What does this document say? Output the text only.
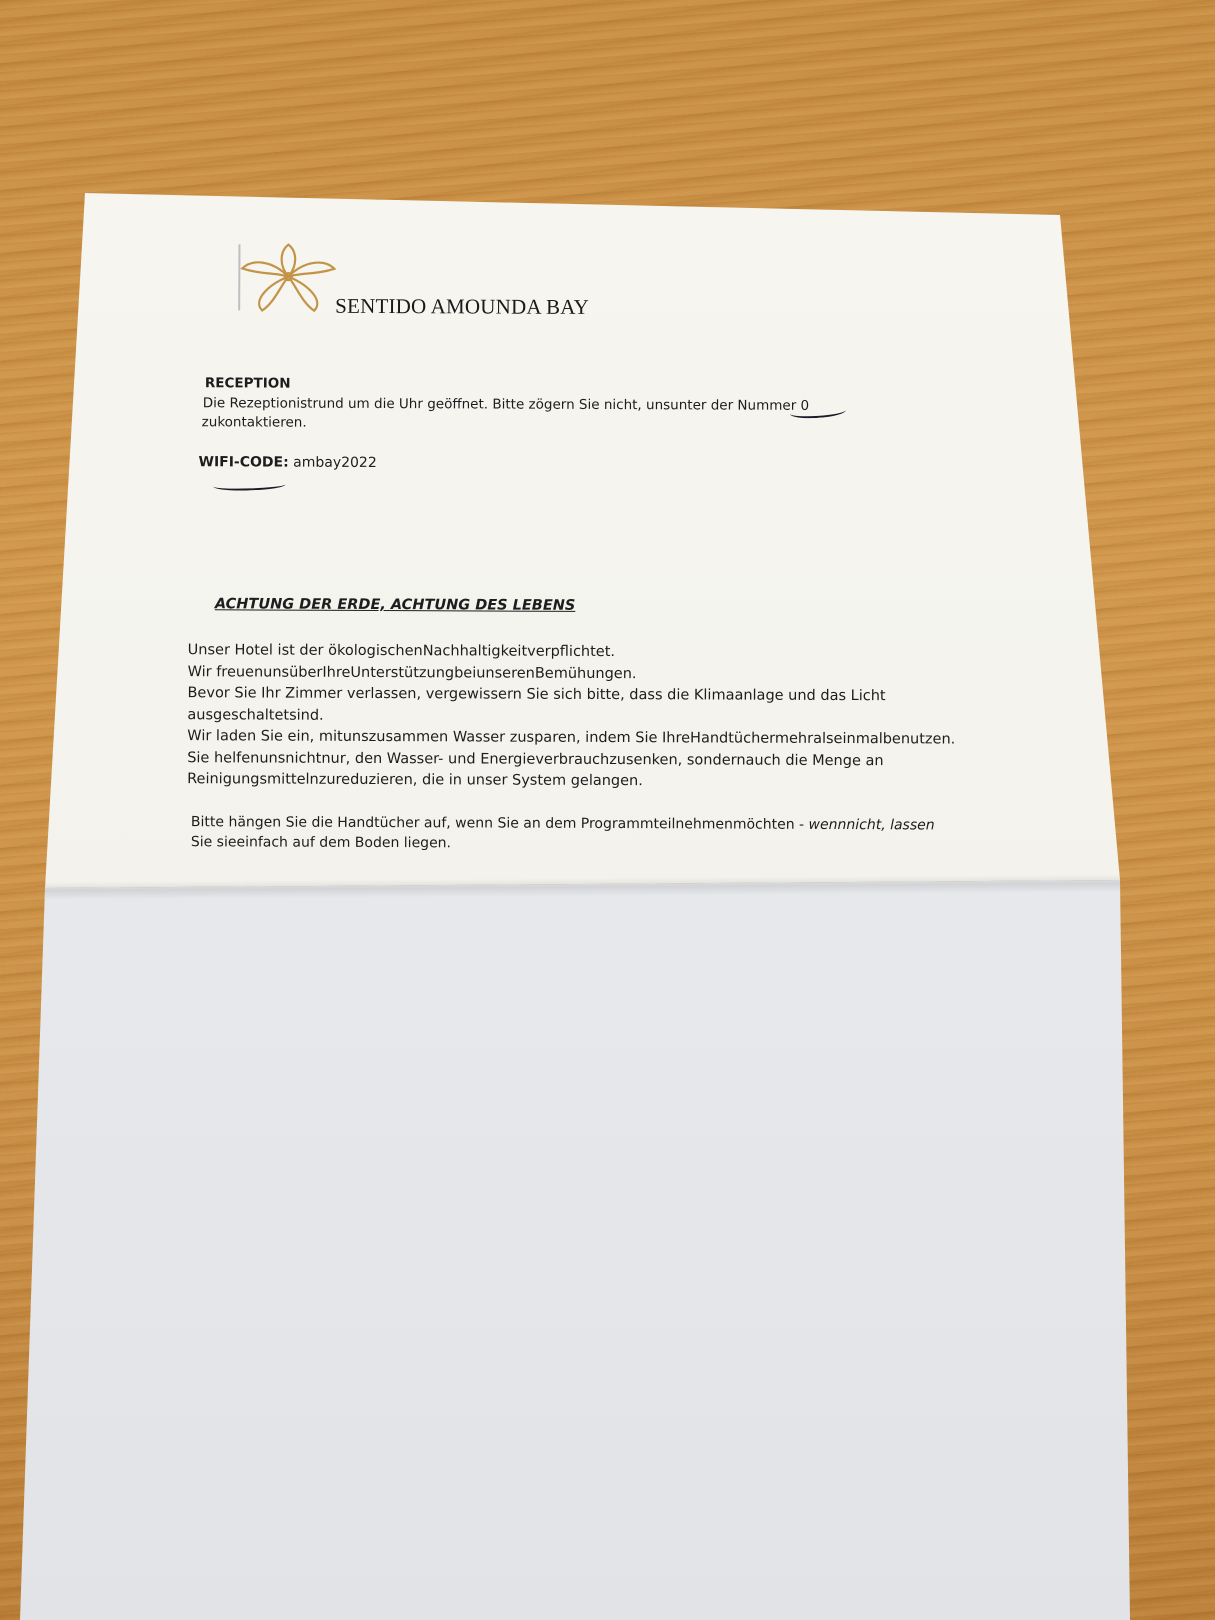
SENTIDO AMOUNDA BAY
RECEPTION
Die Rezeptionistrund um die Uhr geöffnet. Bitte zögern Sie nicht, unsunter der Nummer 0
zukontaktieren.
WIFI-CODE: ambay2022
ACHTUNG DER ERDE, ACHTUNG DES LEBENS
Unser Hotel ist der ökologischenNachhaltigkeitverpflichtet.
Wir freuenunsüberIhreUnterstützungbeiunserenBemühungen.
Bevor Sie Ihr Zimmer verlassen, vergewissern Sie sich bitte, dass die Klimaanlage und das Licht
ausgeschaltetsind.
Wir laden Sie ein, mitunszusammen Wasser zusparen, indem Sie IhreHandtüchermehralseinmalbenutzen.
Sie helfenunsnichtnur, den Wasser- und Energieverbrauchzusenken, sondernauch die Menge an
Reinigungsmittelnzureduzieren, die in unser System gelangen.
Bitte hängen Sie die Handtücher auf, wenn Sie an dem Programmteilnehmenmöchten - wennnicht, lassen
Sie sieeinfach auf dem Boden liegen.
